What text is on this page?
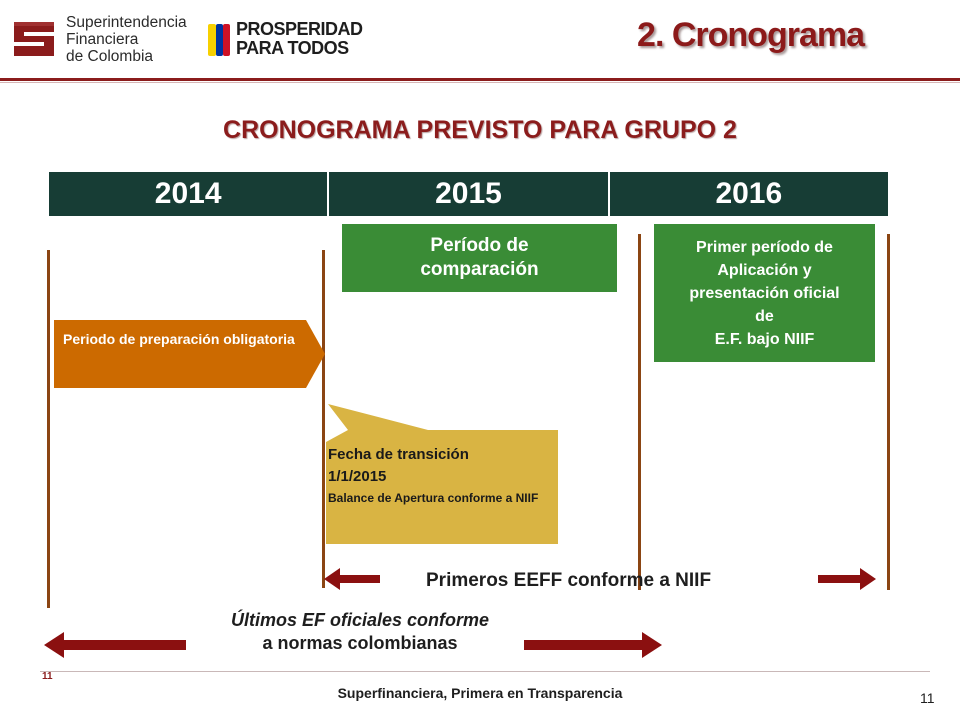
Superintendencia
Financiera
de Colombia
PROSPERIDAD
PARA TODOS	2. Cronograma
CRONOGRAMA PREVISTO PARA GRUPO 2
2014	2015	2016
Período de
comparación
Primer período de
Aplicación y
presentación oficial
de
E.F. bajo NIIF
Periodo de preparación obligatoria
Fecha de transición
1/1/2015
Balance de Apertura conforme a NIIF
Primeros EEFF conforme a NIIF
Últimos EF oficiales conforme
a normas colombianas
11
Superfinanciera, Primera en Transparencia	11
